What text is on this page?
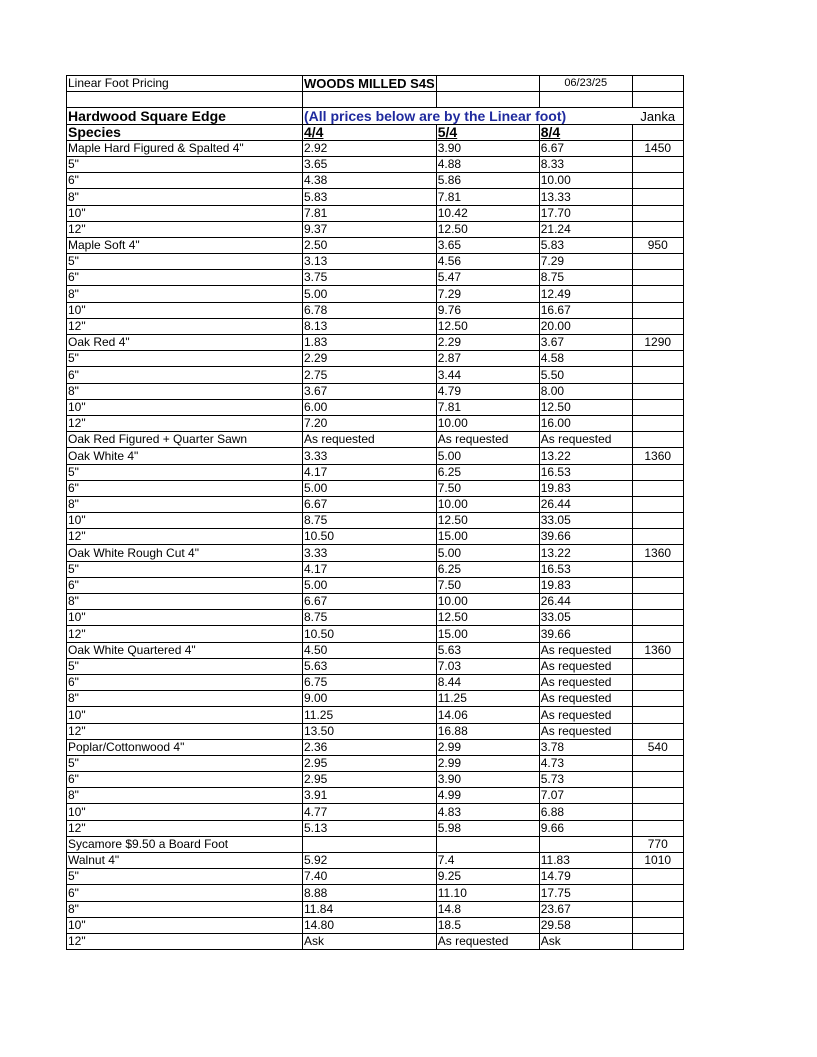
Linear Foot Pricing	WOODS MILLED S4S		06/23/25	

Hardwood Square Edge	(All prices below are by the Linear foot)			Janka
Species	4/4	5/4	8/4	
Maple Hard Figured & Spalted 4"	2.92	3.90	6.67	1450
5"	3.65	4.88	8.33	
6"	4.38	5.86	10.00	
8"	5.83	7.81	13.33	
10"	7.81	10.42	17.70	
12"	9.37	12.50	21.24	
Maple Soft 4"	2.50	3.65	5.83	950
5"	3.13	4.56	7.29	
6"	3.75	5.47	8.75	
8"	5.00	7.29	12.49	
10"	6.78	9.76	16.67	
12"	8.13	12.50	20.00	
Oak Red 4"	1.83	2.29	3.67	1290
5"	2.29	2.87	4.58	
6"	2.75	3.44	5.50	
8"	3.67	4.79	8.00	
10"	6.00	7.81	12.50	
12"	7.20	10.00	16.00	
Oak Red Figured + Quarter Sawn	As requested	As requested	As requested	
Oak White 4"	3.33	5.00	13.22	1360
5"	4.17	6.25	16.53	
6"	5.00	7.50	19.83	
8"	6.67	10.00	26.44	
10"	8.75	12.50	33.05	
12"	10.50	15.00	39.66	
Oak White Rough Cut 4"	3.33	5.00	13.22	1360
5"	4.17	6.25	16.53	
6"	5.00	7.50	19.83	
8"	6.67	10.00	26.44	
10"	8.75	12.50	33.05	
12"	10.50	15.00	39.66	
Oak White Quartered 4"	4.50	5.63	As requested	1360
5"	5.63	7.03	As requested	
6"	6.75	8.44	As requested	
8"	9.00	11.25	As requested	
10"	11.25	14.06	As requested	
12"	13.50	16.88	As requested	
Poplar/Cottonwood 4"	2.36	2.99	3.78	540
5"	2.95	2.99	4.73	
6"	2.95	3.90	5.73	
8"	3.91	4.99	7.07	
10"	4.77	4.83	6.88	
12"	5.13	5.98	9.66	
Sycamore $9.50 a Board Foot				770
Walnut 4"	5.92	7.4	11.83	1010
5"	7.40	9.25	14.79	
6"	8.88	11.10	17.75	
8"	11.84	14.8	23.67	
10"	14.80	18.5	29.58	
12"	Ask	As requested	Ask	
